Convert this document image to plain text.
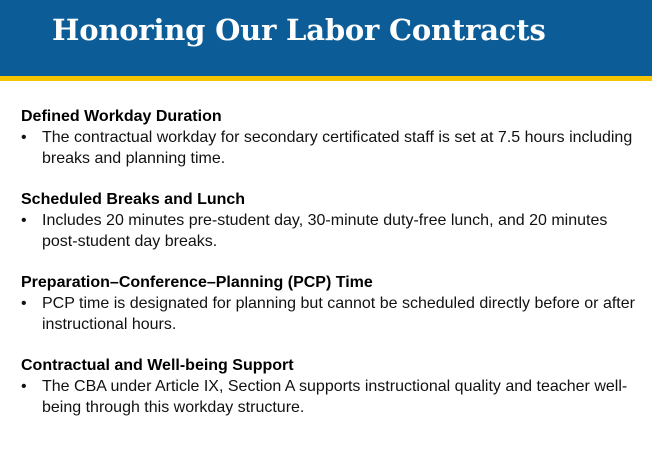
Honoring Our Labor Contracts

Defined Workday Duration

• The contractual workday for secondary certificated staff is set at 7.5 hours including breaks and planning time.

Scheduled Breaks and Lunch

• Includes 20 minutes pre-student day, 30-minute duty-free lunch, and 20 minutes post-student day breaks.

Preparation–Conference–Planning (PCP) Time

• PCP time is designated for planning but cannot be scheduled directly before or after instructional hours.

Contractual and Well-being Support

• The CBA under Article IX, Section A supports instructional quality and teacher well-being through this workday structure.
